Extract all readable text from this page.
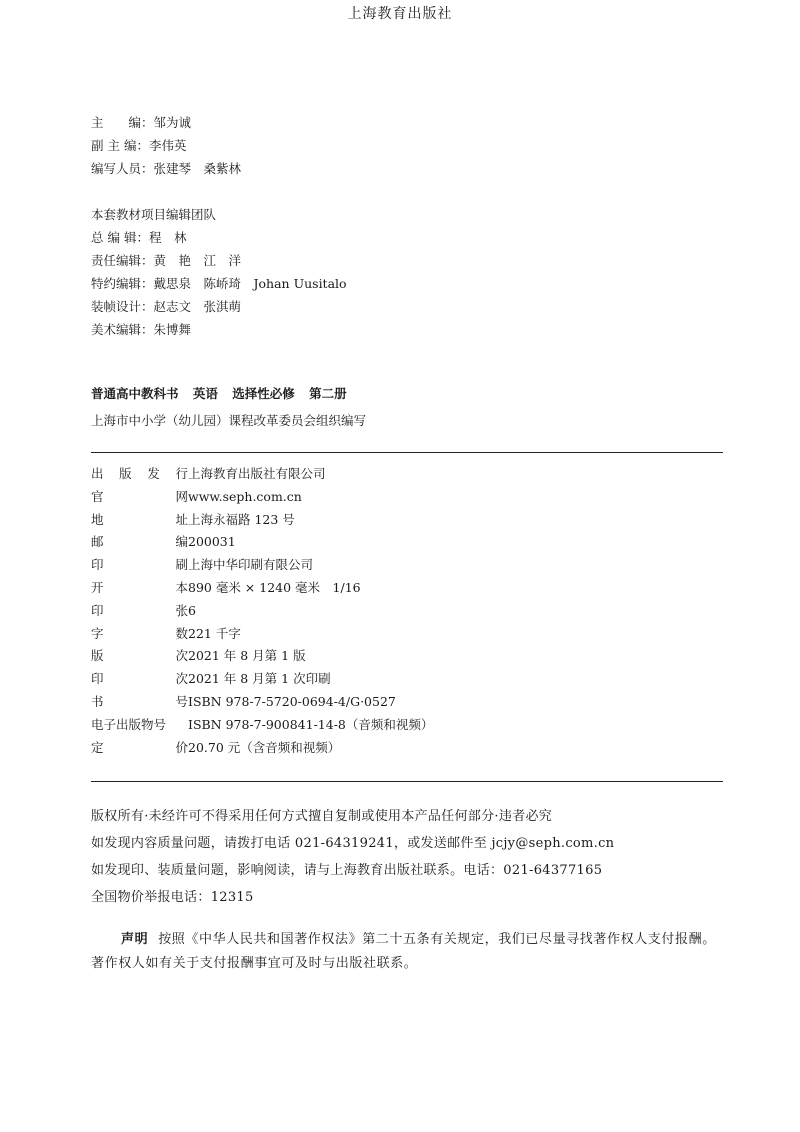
上海教育出版社
主　　编：邹为诚
副 主 编：李伟英
编写人员：张建琴　桑紫林
本套教材项目编辑团队
总 编 辑：程　林
责任编辑：黄　艳　江　洋
特约编辑：戴思泉　陈峤琦　Johan Uusitalo
装帧设计：赵志文　张淇萌
美术编辑：朱博舞
普通高中教科书 英语 选择性必修 第二册
上海市中小学（幼儿园）课程改革委员会组织编写
出 版 发 行 上海教育出版社有限公司
官	网 www.seph.com.cn
地	址 上海永福路 123 号
邮	编 200031
印	刷 上海中华印刷有限公司
开	本 890 毫米 × 1240 毫米　1/16
印	张 6
字	数 221 千字
版	次 2021 年 8 月第 1 版
印	次 2021 年 8 月第 1 次印刷
书	号 ISBN 978-7-5720-0694-4/G·0527
电子出版物号 ISBN 978-7-900841-14-8（音频和视频）
定	价 20.70 元（含音频和视频）
版权所有·未经许可不得采用任何方式擅自复制或使用本产品任何部分·违者必究
如发现内容质量问题，请拨打电话 021-64319241，或发送邮件至 jcjy@seph.com.cn
如发现印、装质量问题，影响阅读，请与上海教育出版社联系。电话：021-64377165
全国物价举报电话：12315
声明 按照《中华人民共和国著作权法》第二十五条有关规定，我们已尽量寻找著作权人支付报酬。著作权人如有关于支付报酬事宜可及时与出版社联系。
